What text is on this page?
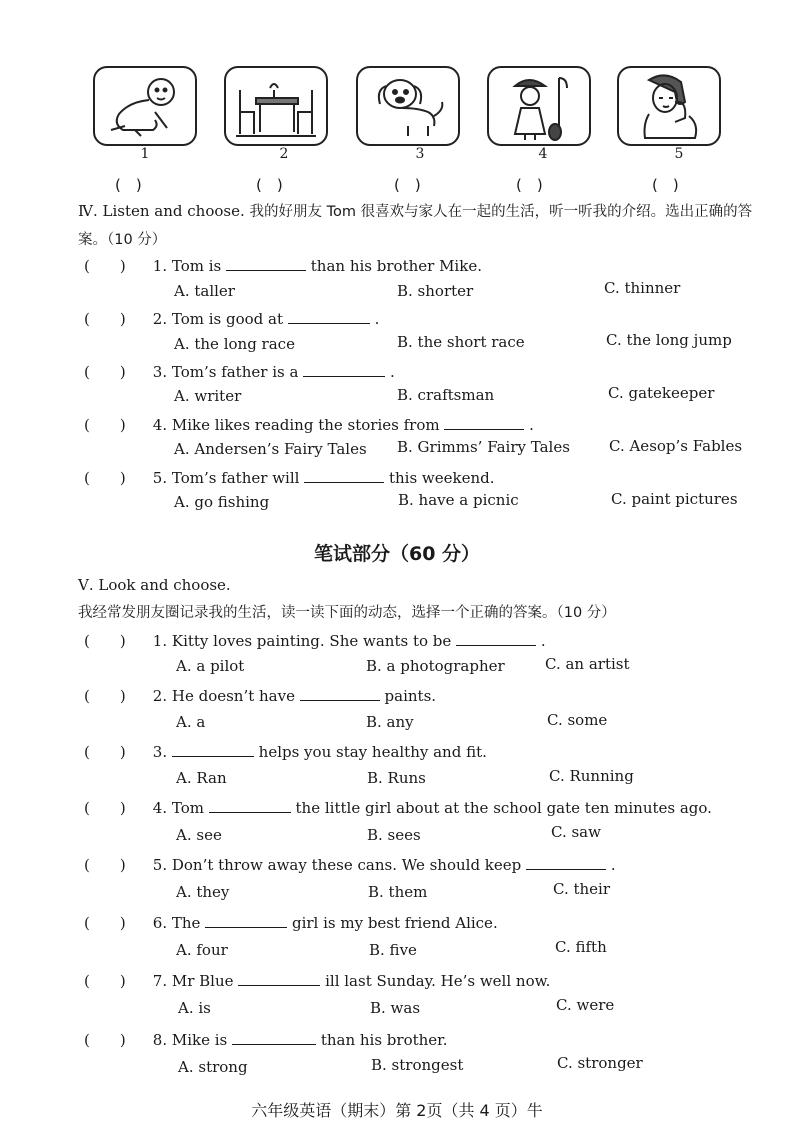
1	2	3	4	5
(　)	(　)	(　)	(　)	(　)
Ⅳ. Listen and choose. 我的好朋友 Tom 很喜欢与家人在一起的生活，听一听我的介绍。选出正确的答案。（10 分）
(　　) 1. Tom is	than his brother Mike.
A. taller	B. shorter	C. thinner
(　　) 2. Tom is good at	.
A. the long race	B. the short race	C. the long jump
(　　) 3. Tom’s father is a	.
A. writer	B. craftsman	C. gatekeeper
(　　) 4. Mike likes reading the stories from	.
A. Andersen’s Fairy Tales B. Grimms’ Fairy Tales	C. Aesop’s Fables
(　　) 5. Tom’s father will	this weekend.
A. go fishing	B. have a picnic	C. paint pictures
笔试部分（60 分）
Ⅴ. Look and choose. 我经常发朋友圈记录我的生活，读一读下面的动态，选择一个正确的答案。（10 分）
(　　) 1. Kitty loves painting. She wants to be	.
A. a pilot	B. a photographer	C. an artist
(　　) 2. He doesn’t have	paints.
A. a	B. any	C. some
(　　) 3.	helps you stay healthy and fit.
A. Ran	B. Runs	C. Running
(　　) 4. Tom	the little girl about at the school gate ten minutes ago.
A. see	B. sees	C. saw
(　　) 5. Don’t throw away these cans. We should keep	.
A. they	B. them	C. their
(　　) 6. The	girl is my best friend Alice.
A. four	B. five	C. fifth
(　　) 7. Mr Blue	ill last Sunday. He’s well now.
A. is	B. was	C. were
(　　) 8. Mike is	than his brother.
A. strong	B. strongest	C. stronger
六年级英语（期末）第 2页（共 4 页）牛
